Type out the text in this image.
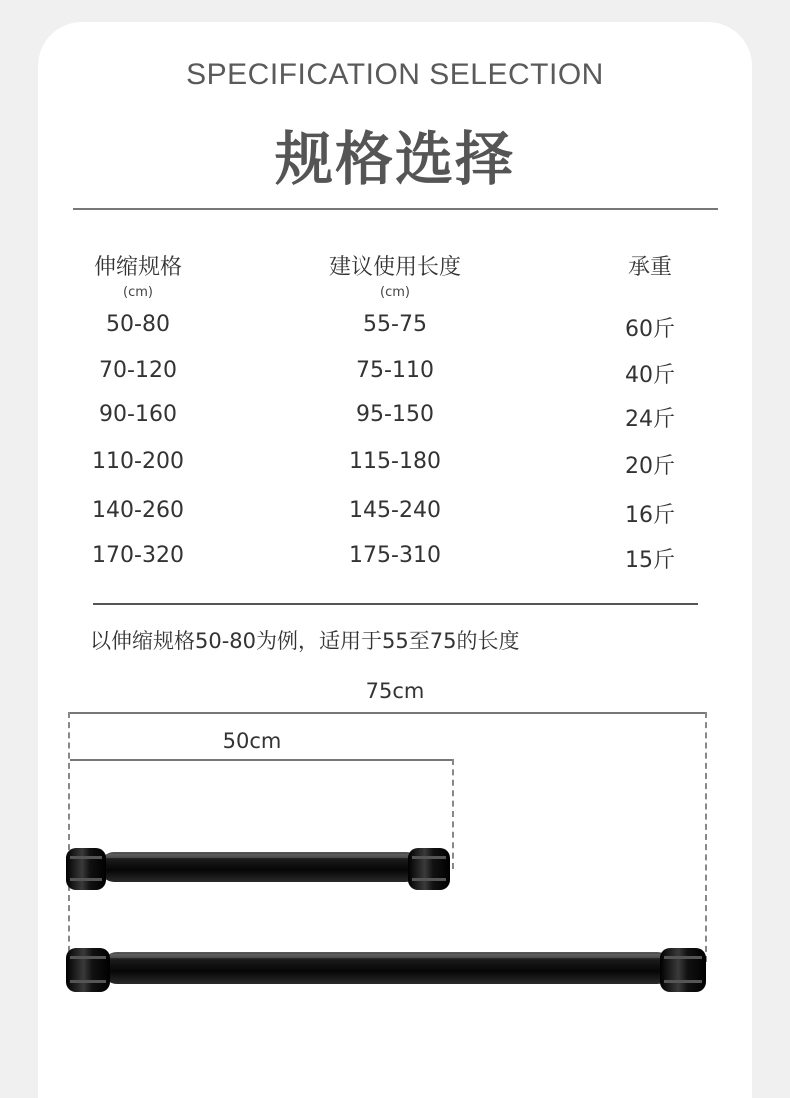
SPECIFICATION SELECTION
规格选择
伸缩规格	建议使用长度	承重
(cm)	(cm)
50-80	55-75	60斤
70-120	75-110	40斤
90-160	95-150	24斤
110-200	115-180	20斤
140-260	145-240	16斤
170-320	175-310	15斤
以伸缩规格50-80为例，适用于55至75的长度
75cm
50cm
